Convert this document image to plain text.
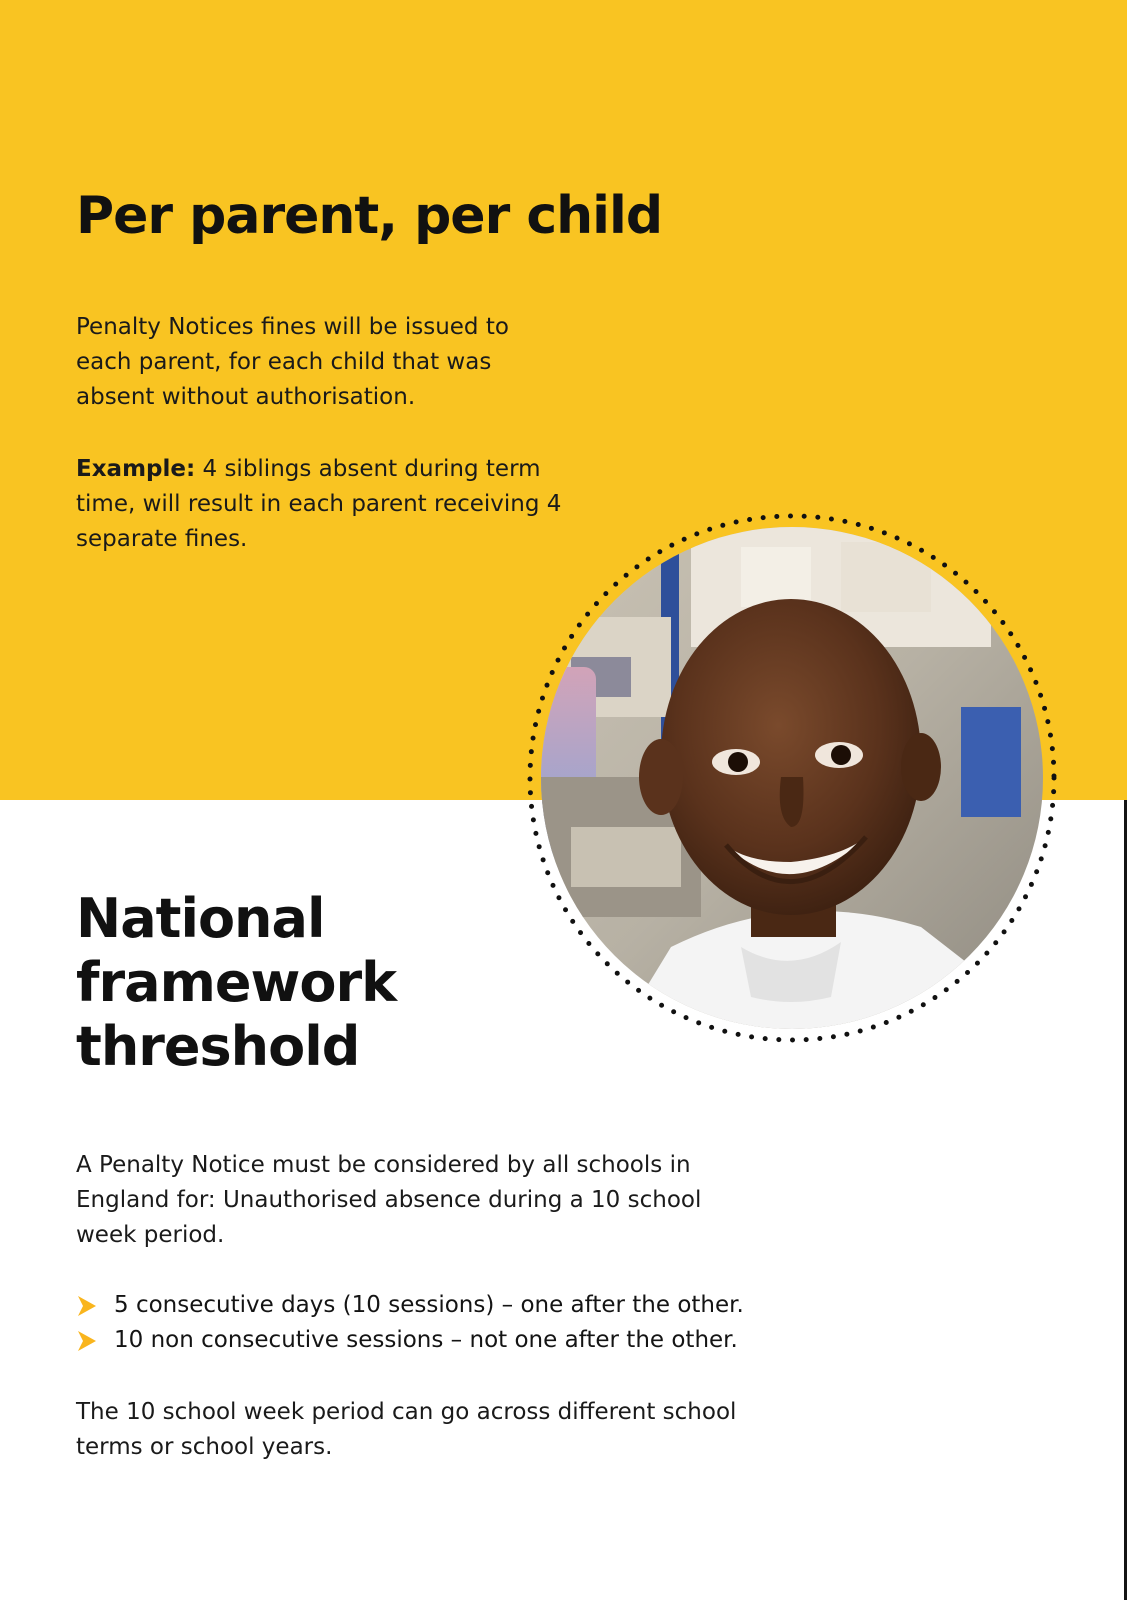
Per parent, per child

Penalty Notices fines will be issued to each parent, for each child that was absent without authorisation.

Example: 4 siblings absent during term time, will result in each parent receiving 4 separate fines.

National framework threshold

A Penalty Notice must be considered by all schools in England for: Unauthorised absence during a 10 school week period.

5 consecutive days (10 sessions) – one after the other.
10 non consecutive sessions – not one after the other.

The 10 school week period can go across different school terms or school years.
